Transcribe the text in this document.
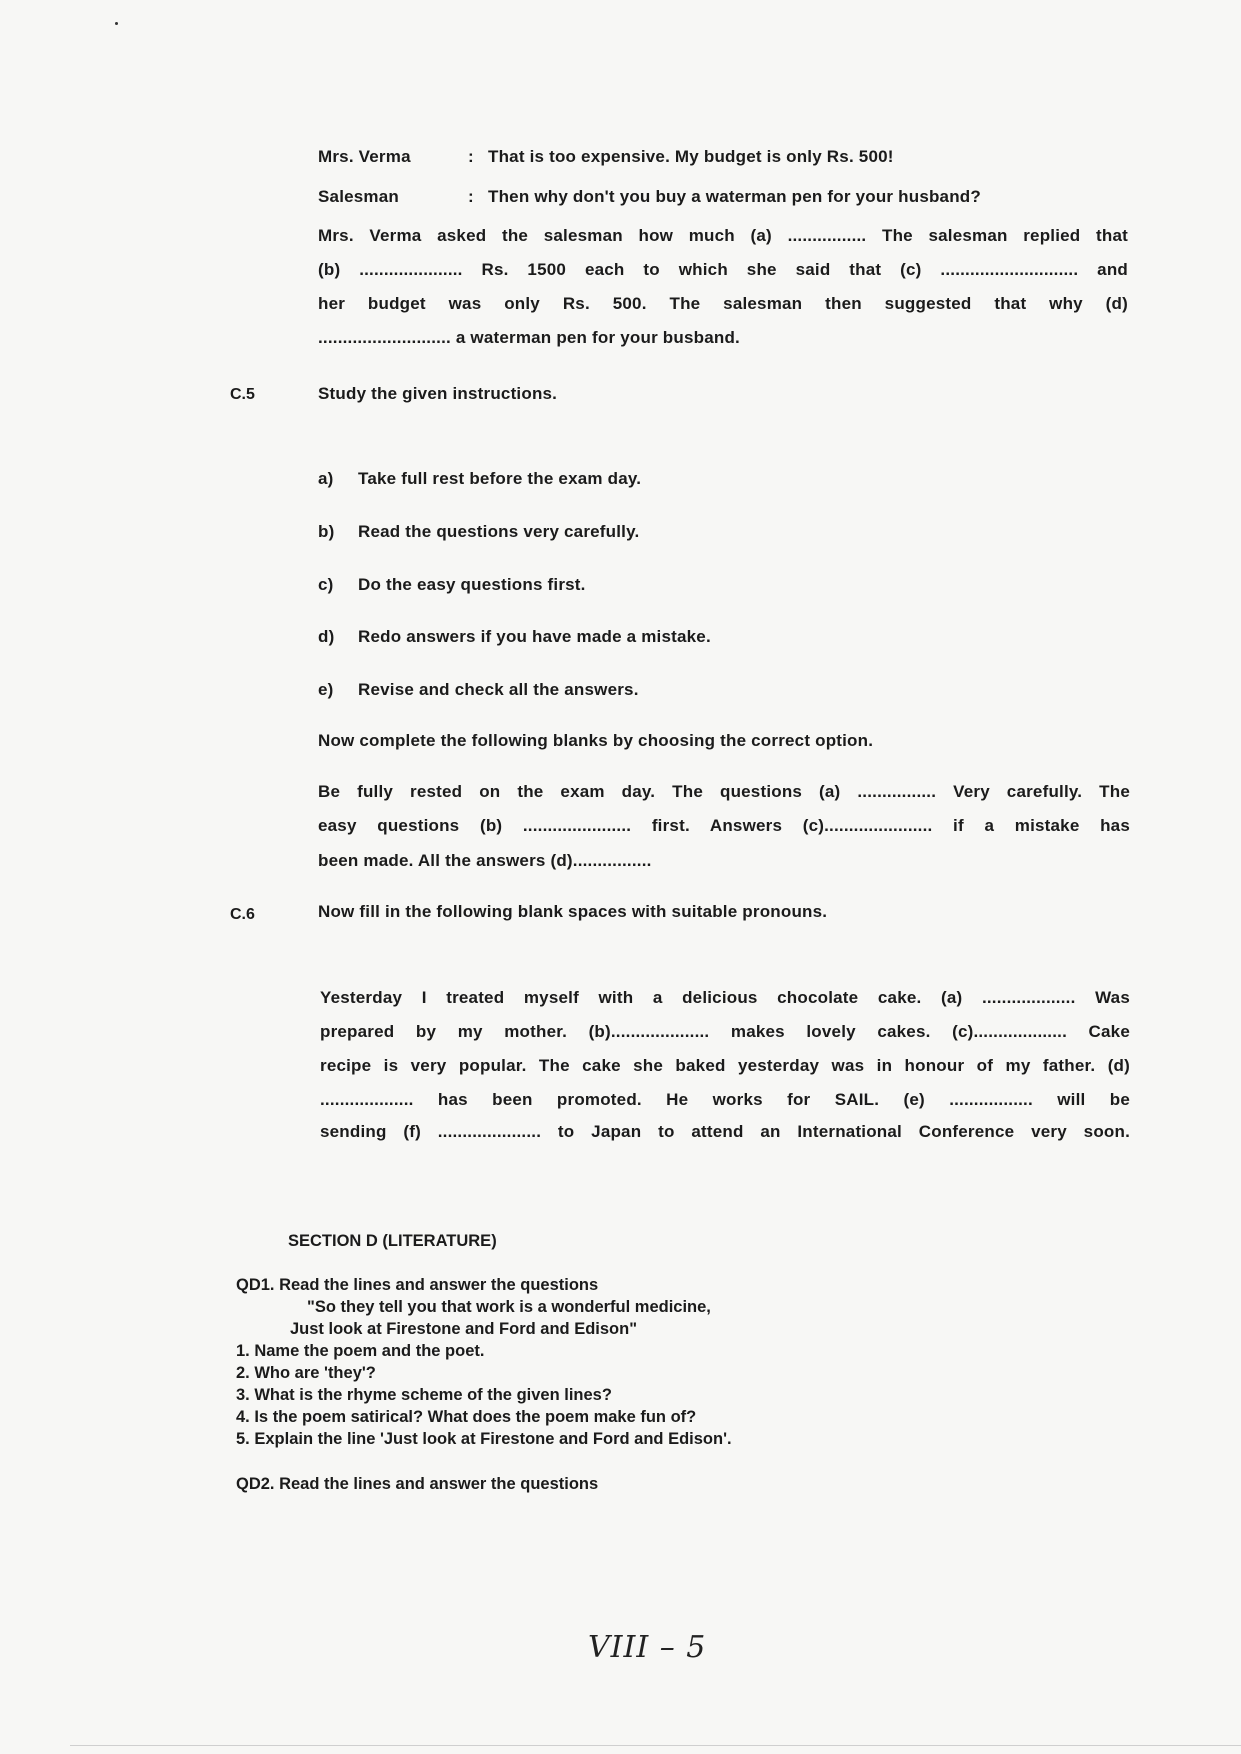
Mrs. Verma	: That is too expensive. My budget is only Rs. 500!
Salesman	: Then why don't you buy a waterman pen for your husband?
Mrs. Verma asked the salesman how much (a) ................ The salesman replied that
(b) ..................... Rs. 1500 each to which she said that (c) ............................ and
her budget was only Rs. 500. The salesman then suggested that why (d)
........................... a waterman pen for your busband.
C.5	Study the given instructions.
a)	Take full rest before the exam day.
b)	Read the questions very carefully.
c)	Do the easy questions first.
d)	Redo answers if you have made a mistake.
e)	Revise and check all the answers.
Now complete the following blanks by choosing the correct option.
Be fully rested on the exam day. The questions (a) ................ Very carefully. The
easy questions (b) ...................... first. Answers (c)...................... if a mistake has
been made. All the answers (d)................
C.6	Now fill in the following blank spaces with suitable pronouns.
Yesterday I treated myself with a delicious chocolate cake. (a) ................... Was
prepared by my mother. (b).................... makes lovely cakes. (c)................... Cake
recipe is very popular. The cake she baked yesterday was in honour of my father. (d)
................... has been promoted. He works for SAIL. (e) ................. will be
sending (f) ..................... to Japan to attend an International Conference very soon.
SECTION D (LITERATURE)
QD1. Read the lines and answer the questions
"So they tell you that work is a wonderful medicine,
Just look at Firestone and Ford and Edison"
1. Name the poem and the poet.
2. Who are 'they'?
3. What is the rhyme scheme of the given lines?
4. Is the poem satirical? What does the poem make fun of?
5. Explain the line 'Just look at Firestone and Ford and Edison'.
QD2. Read the lines and answer the questions
VIII – 5
